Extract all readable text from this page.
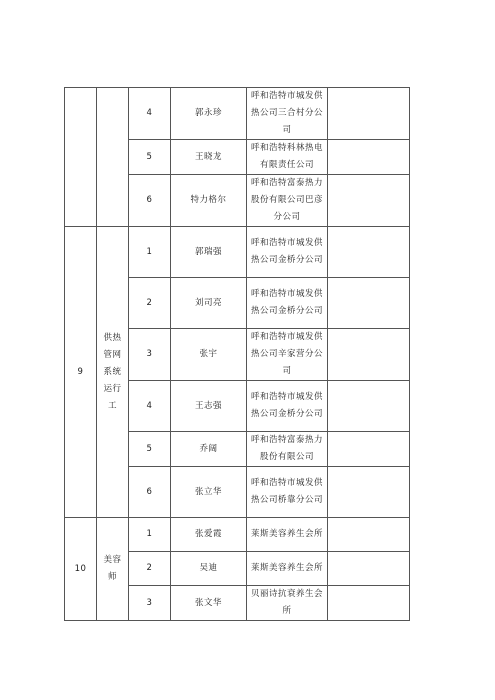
		4	郭永珍	呼和浩特市城发供热公司三合村分公司	
		5	王晓龙	呼和浩特科林热电有限责任公司	
		6	特力格尔	呼和浩特富泰热力股份有限公司巴彦分公司	
9	供热管网系统运行工	1	郭瑞强	呼和浩特市城发供热公司金桥分公司	
		2	刘司亮	呼和浩特市城发供热公司金桥分公司	
		3	张宇	呼和浩特市城发供热公司辛家营分公司	
		4	王志强	呼和浩特市城发供热公司金桥分公司	
		5	乔阔	呼和浩特富泰热力股份有限公司	
		6	张立华	呼和浩特市城发供热公司桥靠分公司	
10	美容师	1	张爱霞	莱斯美容养生会所	
		2	吴迪	莱斯美容养生会所	
		3	张文华	贝丽诗抗衰养生会所	
